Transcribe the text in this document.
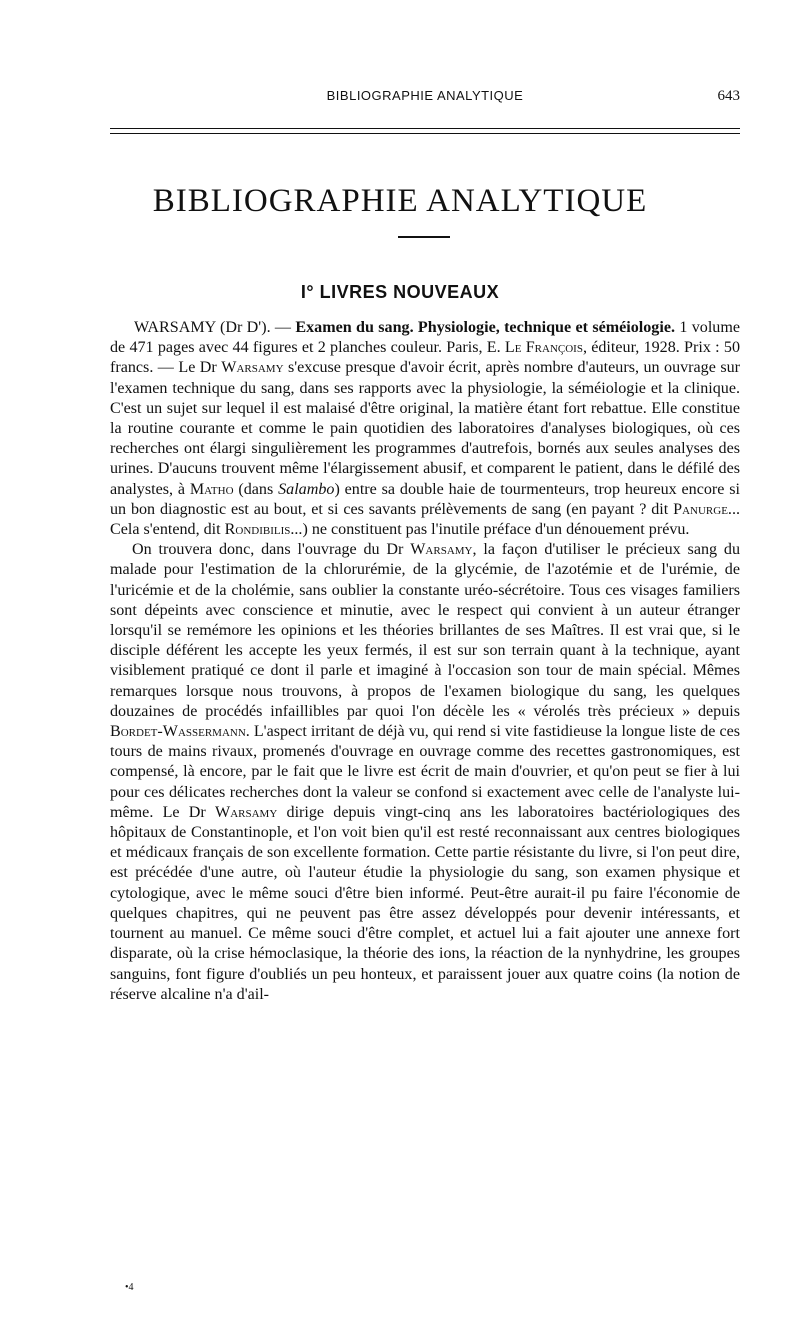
BIBLIOGRAPHIE ANALYTIQUE	643
BIBLIOGRAPHIE ANALYTIQUE
I° LIVRES NOUVEAUX

WARSAMY (Dr D'). — Examen du sang. Physiologie, technique et séméiologie. 1 volume de 471 pages avec 44 figures et 2 planches couleur. Paris, E. Le François, éditeur, 1928. Prix : 50 francs. — Le Dr Warsamy s'excuse presque d'avoir écrit, après nombre d'auteurs, un ouvrage sur l'examen technique du sang, dans ses rapports avec la physiologie, la séméiologie et la clinique. C'est un sujet sur lequel il est malaisé d'être original, la matière étant fort rebattue. Elle constitue la routine courante et comme le pain quotidien des laboratoires d'analyses biologiques, où ces recherches ont élargi singulièrement les programmes d'autrefois, bornés aux seules analyses des urines. D'aucuns trouvent même l'élargissement abusif, et comparent le patient, dans le défilé des analystes, à Matho (dans Salambo) entre sa double haie de tourmenteurs, trop heureux encore si un bon diagnostic est au bout, et si ces savants prélèvements de sang (en payant ? dit Panurge... Cela s'entend, dit Rondibilis...) ne constituent pas l'inutile préface d'un dénouement prévu.

On trouvera donc, dans l'ouvrage du Dr Warsamy, la façon d'utiliser le précieux sang du malade pour l'estimation de la chlorurémie, de la glycémie, de l'azotémie et de l'urémie, de l'uricémie et de la cholémie, sans oublier la constante uréo-sécrétoire. Tous ces visages familiers sont dépeints avec conscience et minutie, avec le respect qui convient à un auteur étranger lorsqu'il se remémore les opinions et les théories brillantes de ses Maîtres. Il est vrai que, si le disciple déférent les accepte les yeux fermés, il est sur son terrain quant à la technique, ayant visiblement pratiqué ce dont il parle et imaginé à l'occasion son tour de main spécial. Mêmes remarques lorsque nous trouvons, à propos de l'examen biologique du sang, les quelques douzaines de procédés infaillibles par quoi l'on décèle les « vérolés très précieux » depuis Bordet-Wassermann. L'aspect irritant de déjà vu, qui rend si vite fastidieuse la longue liste de ces tours de mains rivaux, promenés d'ouvrage en ouvrage comme des recettes gastronomiques, est compensé, là encore, par le fait que le livre est écrit de main d'ouvrier, et qu'on peut se fier à lui pour ces délicates recherches dont la valeur se confond si exactement avec celle de l'analyste lui-même. Le Dr Warsamy dirige depuis vingt-cinq ans les laboratoires bactériologiques des hôpitaux de Constantinople, et l'on voit bien qu'il est resté reconnaissant aux centres biologiques et médicaux français de son excellente formation. Cette partie résistante du livre, si l'on peut dire, est précédée d'une autre, où l'auteur étudie la physiologie du sang, son examen physique et cytologique, avec le même souci d'être bien informé. Peut-être aurait-il pu faire l'économie de quelques chapitres, qui ne peuvent pas être assez développés pour devenir intéressants, et tournent au manuel. Ce même souci d'être complet, et actuel lui a fait ajouter une annexe fort disparate, où la crise hémoclasique, la théorie des ions, la réaction de la nynhydrine, les groupes sanguins, font figure d'oubliés un peu honteux, et paraissent jouer aux quatre coins (la notion de réserve alcaline n'a d'ail-

•4
